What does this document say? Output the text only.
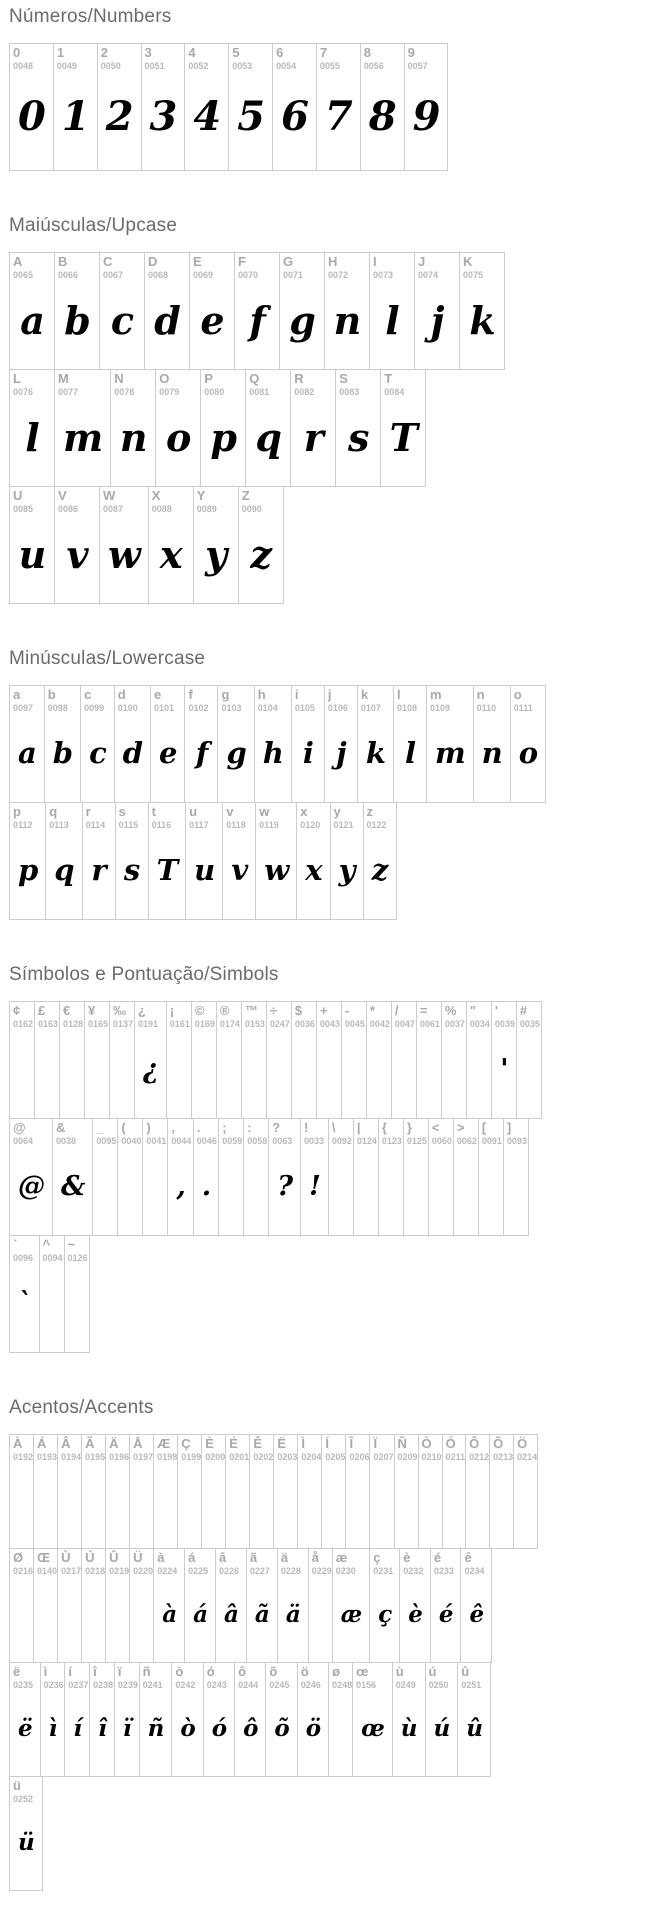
Números/Numbers
0
0048
0
1
0049
1
2
0050
2
3
0051
3
4
0052
4
5
0053
5
6
0054
6
7
0055
7
8
0056
8
9
0057
9
Maiúsculas/Upcase
A
0065
a
B
0066
b
C
0067
c
D
0068
d
E
0069
e
F
0070
f
G
0071
g
H
0072
n
I
0073
l
J
0074
j
K
0075
k
L
0076
l
M
0077
m
N
0078
n
O
0079
o
P
0080
p
Q
0081
q
R
0082
r
S
0083
s
T
0084
T
U
0085
u
V
0086
v
W
0087
w
X
0088
x
Y
0089
y
Z
0090
z
Minúsculas/Lowercase
a
0097
a
b
0098
b
c
0099
c
d
0100
d
e
0101
e
f
0102
f
g
0103
g
h
0104
h
i
0105
i
j
0106
j
k
0107
k
l
0108
l
m
0109
m
n
0110
n
o
0111
o
p
0112
p
q
0113
q
r
0114
r
s
0115
s
t
0116
T
u
0117
u
v
0118
v
w
0119
w
x
0120
x
y
0121
y
z
0122
z
Símbolos e Pontuação/Simbols
¢
0162
£
0163
€
0128
¥
0165
‰
0137
¿
0191
¿
¡
0161
©
0169
®
0174
™
0153
÷
0247
$
0036
+
0043
-
0045
*
0042
/
0047
=
0061
%
0037
"
0034
'
0039
'
#
0035
@
0064
@
&
0038
&
_
0095
(
0040
)
0041
,
0044
,
.
0046
.
;
0059
:
0058
?
0063
?
!
0033
!
\
0092
|
0124
{
0123
}
0125
<
0060
>
0062
[
0091
]
0093
`
0096
`
^
0094
~
0126
Acentos/Accents
À
0192
Á
0193
Â
0194
Ã
0195
Ä
0196
Å
0197
Æ
0198
Ç
0199
È
0200
É
0201
Ê
0202
Ë
0203
Ì
0204
Í
0205
Î
0206
Ï
0207
Ñ
0209
Ò
0210
Ó
0211
Ô
0212
Õ
0213
Ö
0214
Ø
0216
Œ
0140
Ù
0217
Ú
0218
Û
0219
Ü
0220
à
0224
à
á
0225
á
â
0226
â
ã
0227
ã
ä
0228
ä
å
0229
æ
0230
æ
ç
0231
ç
è
0232
è
é
0233
é
ê
0234
ê
ë
0235
ë
ì
0236
ì
í
0237
í
î
0238
î
ï
0239
ï
ñ
0241
ñ
ò
0242
ò
ó
0243
ó
ô
0244
ô
õ
0245
õ
ö
0246
ö
ø
0248
œ
0156
œ
ù
0249
ù
ú
0250
ú
û
0251
û
ü
0252
ü
